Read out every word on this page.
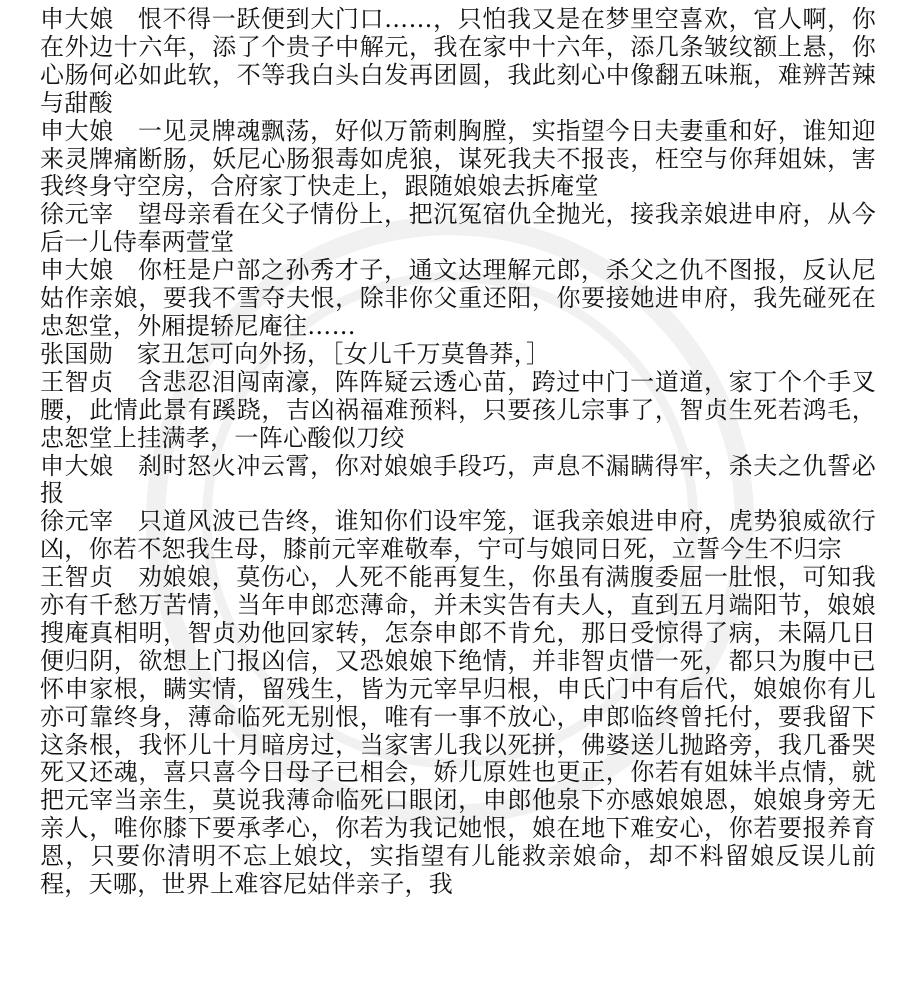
申大娘 恨不得一跃便到大门口……，只怕我又是在梦里空喜欢，官人啊，你在外边十六年，添了个贵子中解元，我在家中十六年，添几条皱纹额上悬，你心肠何必如此软，不等我白头白发再团圆，我此刻心中像翻五味瓶，难辨苦辣与甜酸

申大娘 一见灵牌魂飘荡，好似万箭刺胸膛，实指望今日夫妻重和好，谁知迎来灵牌痛断肠，妖尼心肠狠毒如虎狼，谋死我夫不报丧，枉空与你拜姐妹，害我终身守空房，合府家丁快走上，跟随娘娘去拆庵堂

徐元宰 望母亲看在父子情份上，把沉冤宿仇全抛光，接我亲娘进申府，从今后一儿侍奉两萱堂

申大娘 你枉是户部之孙秀才子，通文达理解元郎，杀父之仇不图报，反认尼姑作亲娘，要我不雪夺夫恨，除非你父重还阳，你要接她进申府，我先碰死在忠恕堂，外厢提轿尼庵往……

张国勋 家丑怎可向外扬，［女儿千万莫鲁莽，］

王智贞 含悲忍泪闯南濠，阵阵疑云透心苗，跨过中门一道道，家丁个个手叉腰，此情此景有蹊跷，吉凶祸福难预料，只要孩儿宗事了，智贞生死若鸿毛，忠恕堂上挂满孝，一阵心酸似刀绞

申大娘 刹时怒火冲云霄，你对娘娘手段巧，声息不漏瞒得牢，杀夫之仇誓必报

徐元宰 只道风波已告终，谁知你们设牢笼，诓我亲娘进申府，虎势狼威欲行凶，你若不恕我生母，膝前元宰难敬奉，宁可与娘同日死，立誓今生不归宗

王智贞 劝娘娘，莫伤心，人死不能再复生，你虽有满腹委屈一肚恨，可知我亦有千愁万苦情，当年申郎恋薄命，并未实告有夫人，直到五月端阳节，娘娘搜庵真相明，智贞劝他回家转，怎奈申郎不肯允，那日受惊得了病，未隔几日便归阴，欲想上门报凶信，又恐娘娘下绝情，并非智贞惜一死，都只为腹中已怀申家根，瞒实情，留残生，皆为元宰早归根，申氏门中有后代，娘娘你有儿亦可靠终身，薄命临死无别恨，唯有一事不放心，申郎临终曾托付，要我留下这条根，我怀儿十月暗房过，当家害儿我以死拼，佛婆送儿抛路旁，我几番哭死又还魂，喜只喜今日母子已相会，娇儿原姓也更正，你若有姐妹半点情，就把元宰当亲生，莫说我薄命临死口眼闭，申郎他泉下亦感娘娘恩，娘娘身旁无亲人，唯你膝下要承孝心，你若为我记她恨，娘在地下难安心，你若要报养育恩，只要你清明不忘上娘坟，实指望有儿能救亲娘命，却不料留娘反误儿前程，天哪，世界上难容尼姑伴亲子，我
